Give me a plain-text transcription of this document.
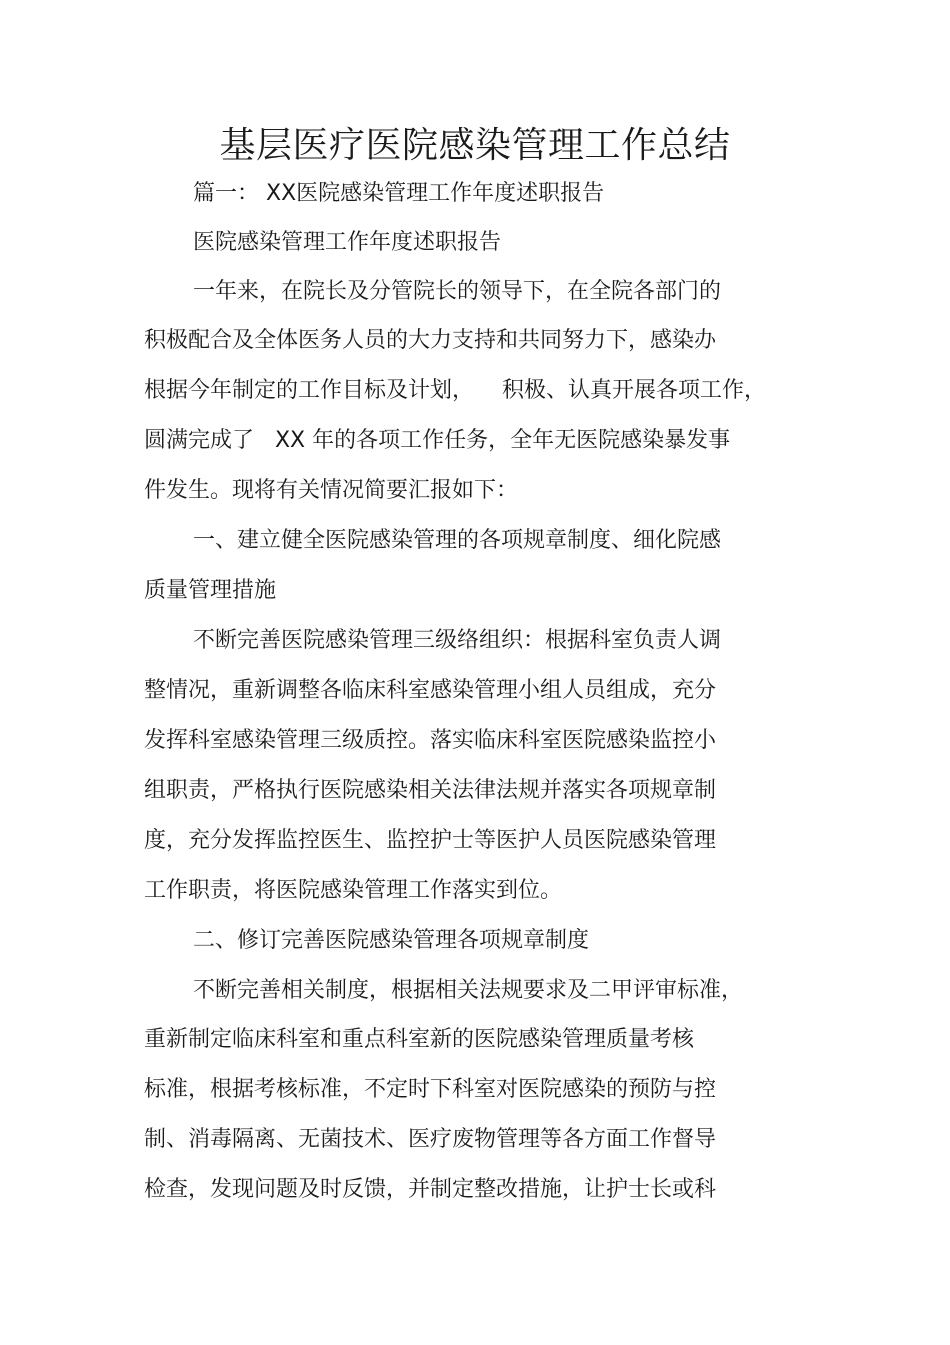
基层医疗医院感染管理工作总结

篇一： XX医院感染管理工作年度述职报告

医院感染管理工作年度述职报告

一年来，在院长及分管院长的领导下，在全院各部门的

积极配合及全体医务人员的大力支持和共同努力下，感染办

根据今年制定的工作目标及计划，    积极、认真开展各项工作，

圆满完成了   XX 年的各项工作任务，全年无医院感染暴发事

件发生。现将有关情况简要汇报如下：

一、建立健全医院感染管理的各项规章制度、细化院感

质量管理措施

不断完善医院感染管理三级络组织：根据科室负责人调

整情况，重新调整各临床科室感染管理小组人员组成，充分

发挥科室感染管理三级质控。落实临床科室医院感染监控小

组职责，严格执行医院感染相关法律法规并落实各项规章制

度，充分发挥监控医生、监控护士等医护人员医院感染管理

工作职责，将医院感染管理工作落实到位。

二、修订完善医院感染管理各项规章制度

不断完善相关制度，根据相关法规要求及二甲评审标准，

重新制定临床科室和重点科室新的医院感染管理质量考核

标准，根据考核标准，不定时下科室对医院感染的预防与控

制、消毒隔离、无菌技术、医疗废物管理等各方面工作督导

检查，发现问题及时反馈，并制定整改措施，让护士长或科
